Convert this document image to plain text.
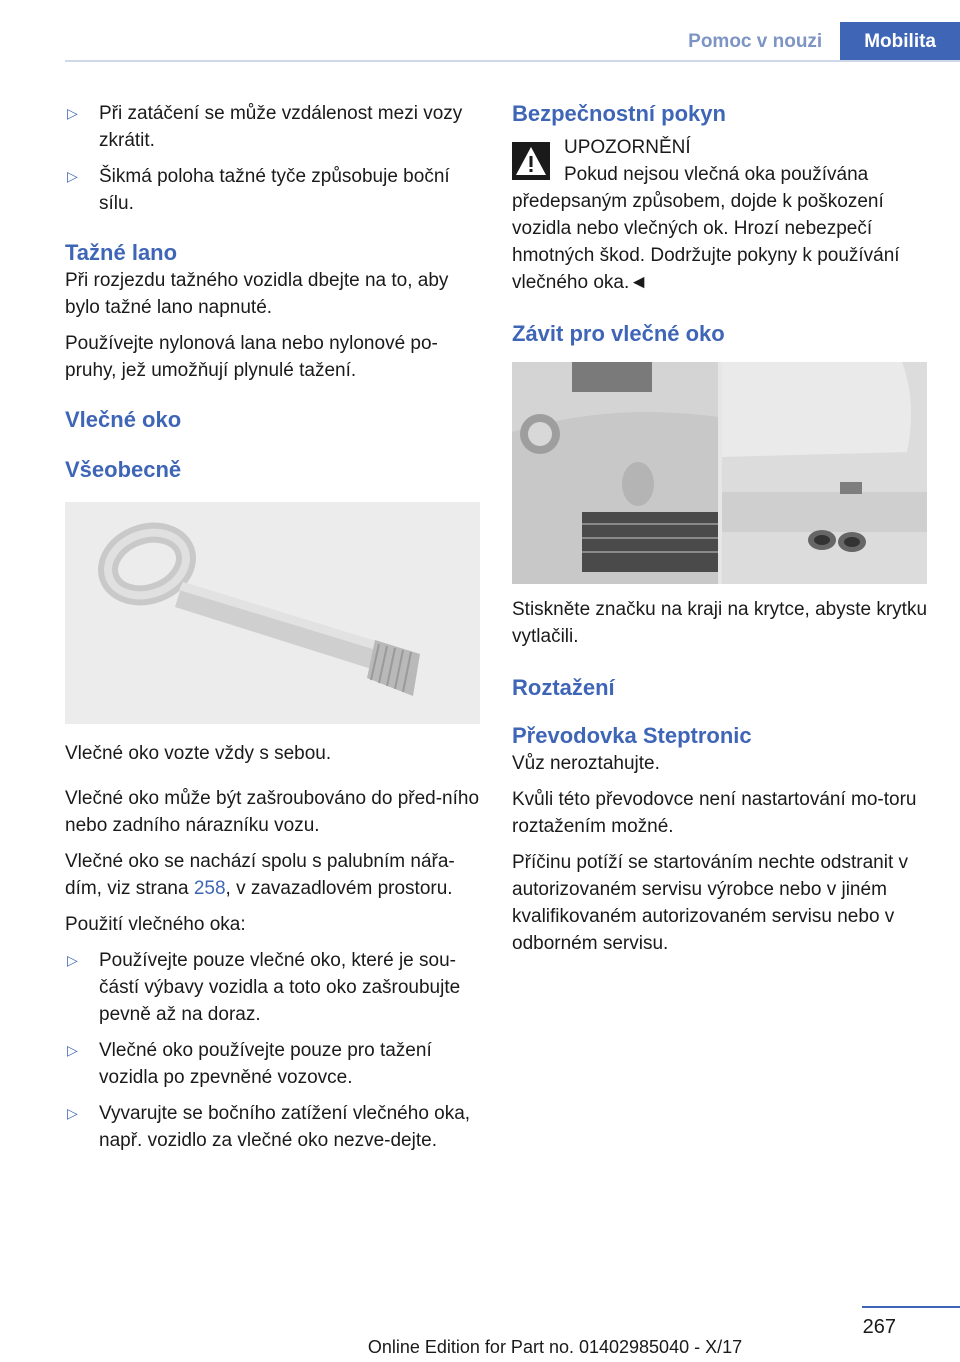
Pomoc v nouzi	Mobilita
▷ Při zatáčení se může vzdálenost mezi vozy zkrátit.
▷ Šikmá poloha tažné tyče způsobuje boční sílu.
Tažné lano

Při rozjezdu tažného vozidla dbejte na to, aby bylo tažné lano napnuté.

Používejte nylonová lana nebo nylonové po-pruhy, jež umožňují plynulé tažení.

Vlečné oko
Všeobecně

Vlečné oko vozte vždy s sebou.

Vlečné oko může být zašroubováno do před-ního nebo zadního nárazníku vozu.

Vlečné oko se nachází spolu s palubním nářa-dím, viz strana 258, v zavazadlovém prostoru.

Použití vlečného oka:

▷ Používejte pouze vlečné oko, které je sou-částí výbavy vozidla a toto oko zašroubujte pevně až na doraz.
▷ Vlečné oko používejte pouze pro tažení vozidla po zpevněné vozovce.
▷ Vyvarujte se bočního zatížení vlečného oka, např. vozidlo za vlečné oko nezve-dejte.
Bezpečnostní pokyn
UPOZORNĚNÍ

Pokud nejsou vlečná oka používána předepsaným způsobem, dojde k poškození vozidla nebo vlečných ok. Hrozí nebezpečí hmotných škod. Dodržujte pokyny k používání vlečného oka.◄

Závit pro vlečné oko

Stiskněte značku na kraji na krytce, abyste krytku vytlačili.

Roztažení
Převodovka Steptronic

Vůz neroztahujte.

Kvůli této převodovce není nastartování mo-toru roztažením možné.

Příčinu potíží se startováním nechte odstranit v autorizovaném servisu výrobce nebo v jiném kvalifikovaném autorizovaném servisu nebo v odborném servisu.

267
Online Edition for Part no. 01402985040 - X/17
